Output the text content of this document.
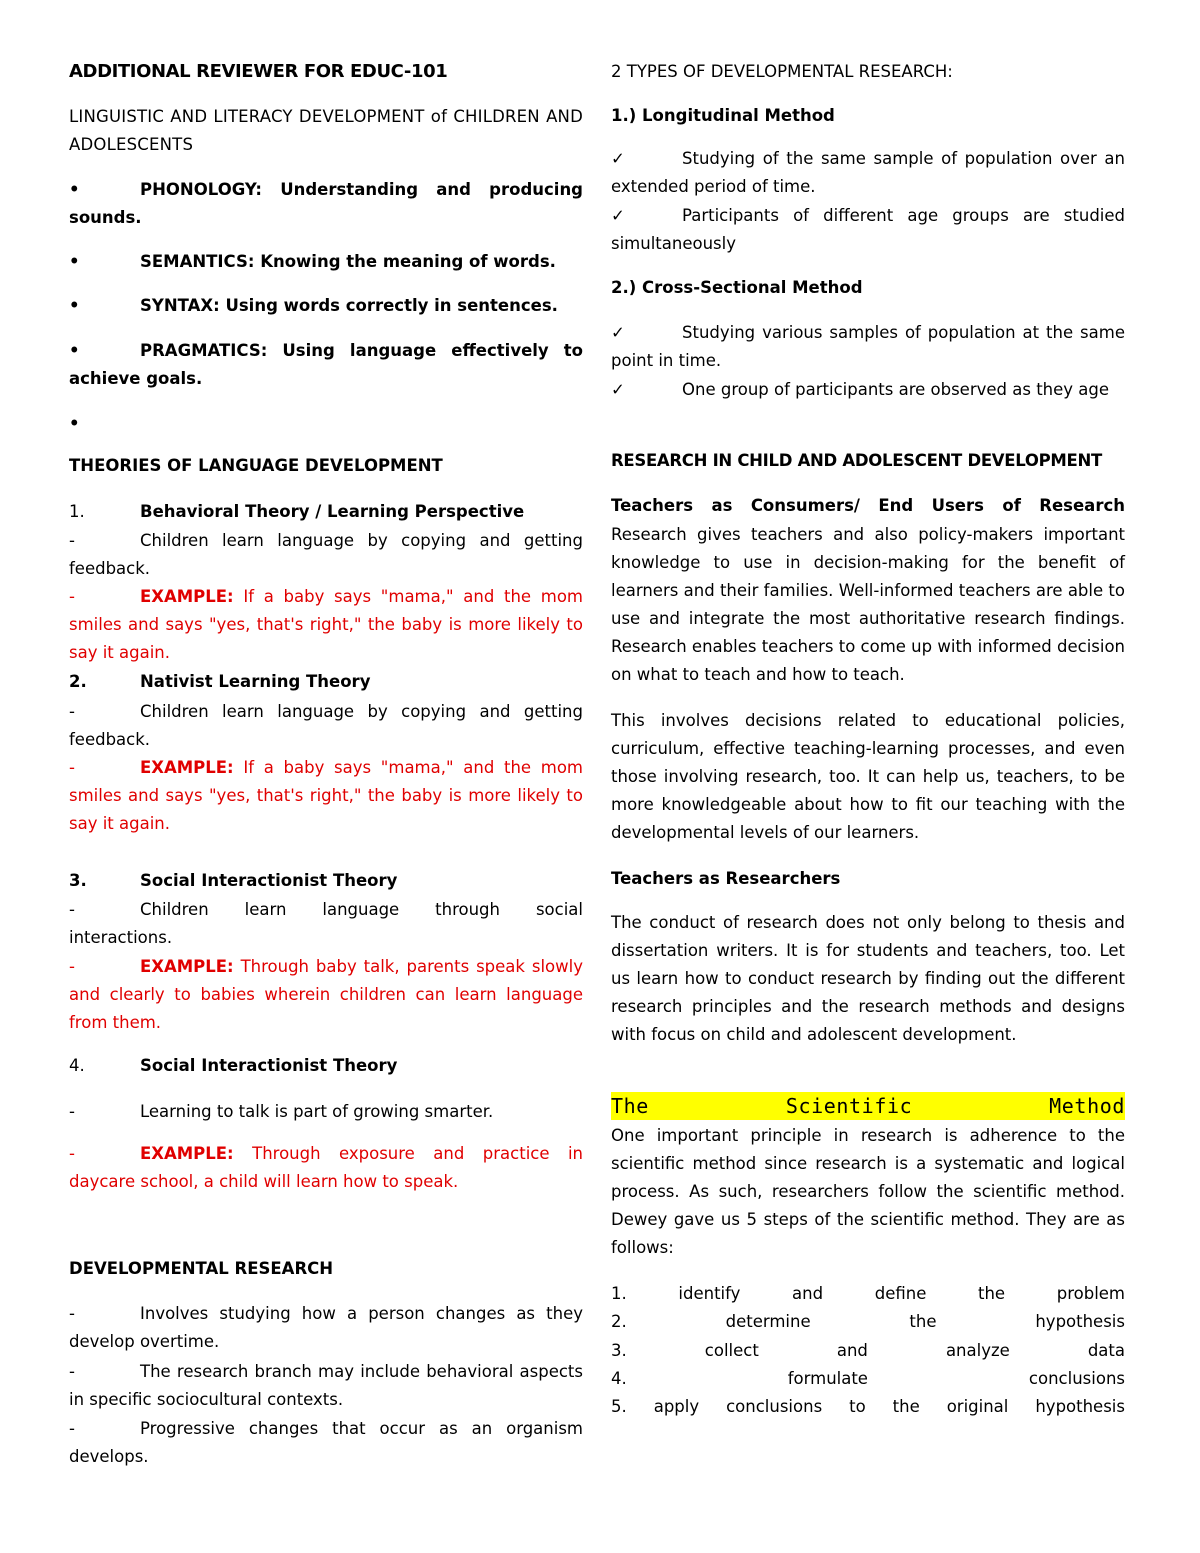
ADDITIONAL REVIEWER FOR EDUC-101
LINGUISTIC AND LITERACY DEVELOPMENT of CHILDREN AND ADOLESCENTS
•	PHONOLOGY: Understanding and producing sounds.
•	SEMANTICS: Knowing the meaning of words.
•	SYNTAX: Using words correctly in sentences.
•	PRAGMATICS: Using language effectively to achieve goals.
•
THEORIES OF LANGUAGE DEVELOPMENT
1.	Behavioral Theory / Learning Perspective
-	Children learn language by copying and getting feedback.
-	EXAMPLE: If a baby says "mama," and the mom smiles and says "yes, that's right," the baby is more likely to say it again.
2.	Nativist Learning Theory
-	Children learn language by copying and getting feedback.
-	EXAMPLE: If a baby says "mama," and the mom smiles and says "yes, that's right," the baby is more likely to say it again.
3.	Social Interactionist Theory
-	Children learn language through social
interactions.
-	EXAMPLE: Through baby talk, parents speak slowly and clearly to babies wherein children can learn language from them.
4.	Social Interactionist Theory
-	Learning to talk is part of growing smarter.
-	EXAMPLE: Through exposure and practice in daycare school, a child will learn how to speak.
DEVELOPMENTAL RESEARCH
-	Involves studying how a person changes as they develop overtime.
-	The research branch may include behavioral aspects in specific sociocultural contexts.
-	Progressive changes that occur as an organism develops.
2 TYPES OF DEVELOPMENTAL RESEARCH:
1.) Longitudinal Method
✓	Studying of the same sample of population over an extended period of time.
✓	Participants of different age groups are studied simultaneously
2.) Cross-Sectional Method
✓	Studying various samples of population at the same point in time.
✓	One group of participants are observed as they age
RESEARCH IN CHILD AND ADOLESCENT DEVELOPMENT
Teachers as Consumers/ End Users of Research
Research gives teachers and also policy-makers important knowledge to use in decision-making for the benefit of learners and their families. Well-informed teachers are able to use and integrate the most authoritative research findings. Research enables teachers to come up with informed decision on what to teach and how to teach.
This involves decisions related to educational policies, curriculum, effective teaching-learning processes, and even those involving research, too. It can help us, teachers, to be more knowledgeable about how to fit our teaching with the developmental levels of our learners.
Teachers as Researchers
The conduct of research does not only belong to thesis and dissertation writers. It is for students and teachers, too. Let us learn how to conduct research by finding out the different research principles and the research methods and designs with focus on child and adolescent development.
The Scientific Method
One important principle in research is adherence to the scientific method since research is a systematic and logical process. As such, researchers follow the scientific method. Dewey gave us 5 steps of the scientific method. They are as follows:
1.	identify and define the problem
2.	determine the hypothesis
3.	collect and analyze data
4.	formulate conclusions
5. apply conclusions to the original hypothesis
